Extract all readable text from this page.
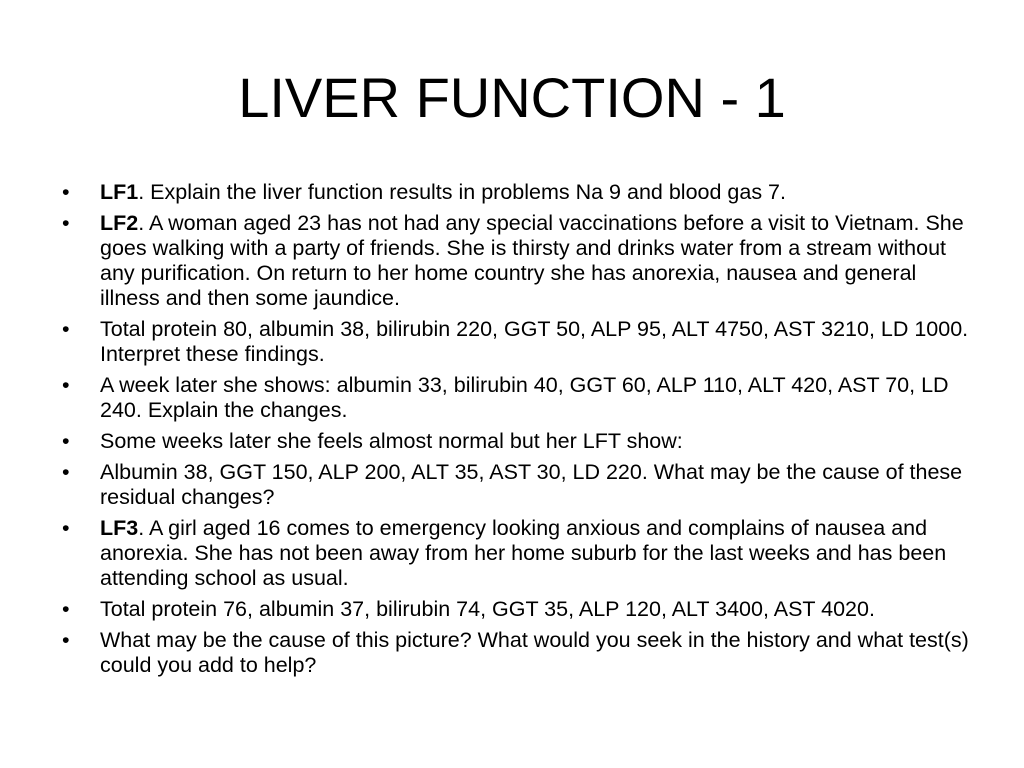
LIVER FUNCTION - 1
•	LF1. Explain the liver function results in problems Na 9 and blood gas 7.
•	LF2. A woman aged 23 has not had any special vaccinations before a visit to Vietnam. She goes walking with a party of friends. She is thirsty and drinks water from a stream without any purification. On return to her home country she has anorexia, nausea and general illness and then some jaundice.
•	Total protein 80, albumin 38, bilirubin 220, GGT 50, ALP 95, ALT 4750, AST 3210, LD 1000. Interpret these findings.
•	A week later she shows: albumin 33, bilirubin 40, GGT 60, ALP 110, ALT 420, AST 70, LD 240. Explain the changes.
•	Some weeks later she feels almost normal but her LFT show:
•	Albumin 38, GGT 150, ALP 200, ALT 35, AST 30, LD 220. What may be the cause of these residual changes?
•	LF3. A girl aged 16 comes to emergency looking anxious and complains of nausea and anorexia. She has not been away from her home suburb for the last weeks and has been attending school as usual.
•	Total protein 76, albumin 37, bilirubin 74, GGT 35, ALP 120, ALT 3400, AST 4020.
•	What may be the cause of this picture? What would you seek in the history and what test(s) could you add to help?
